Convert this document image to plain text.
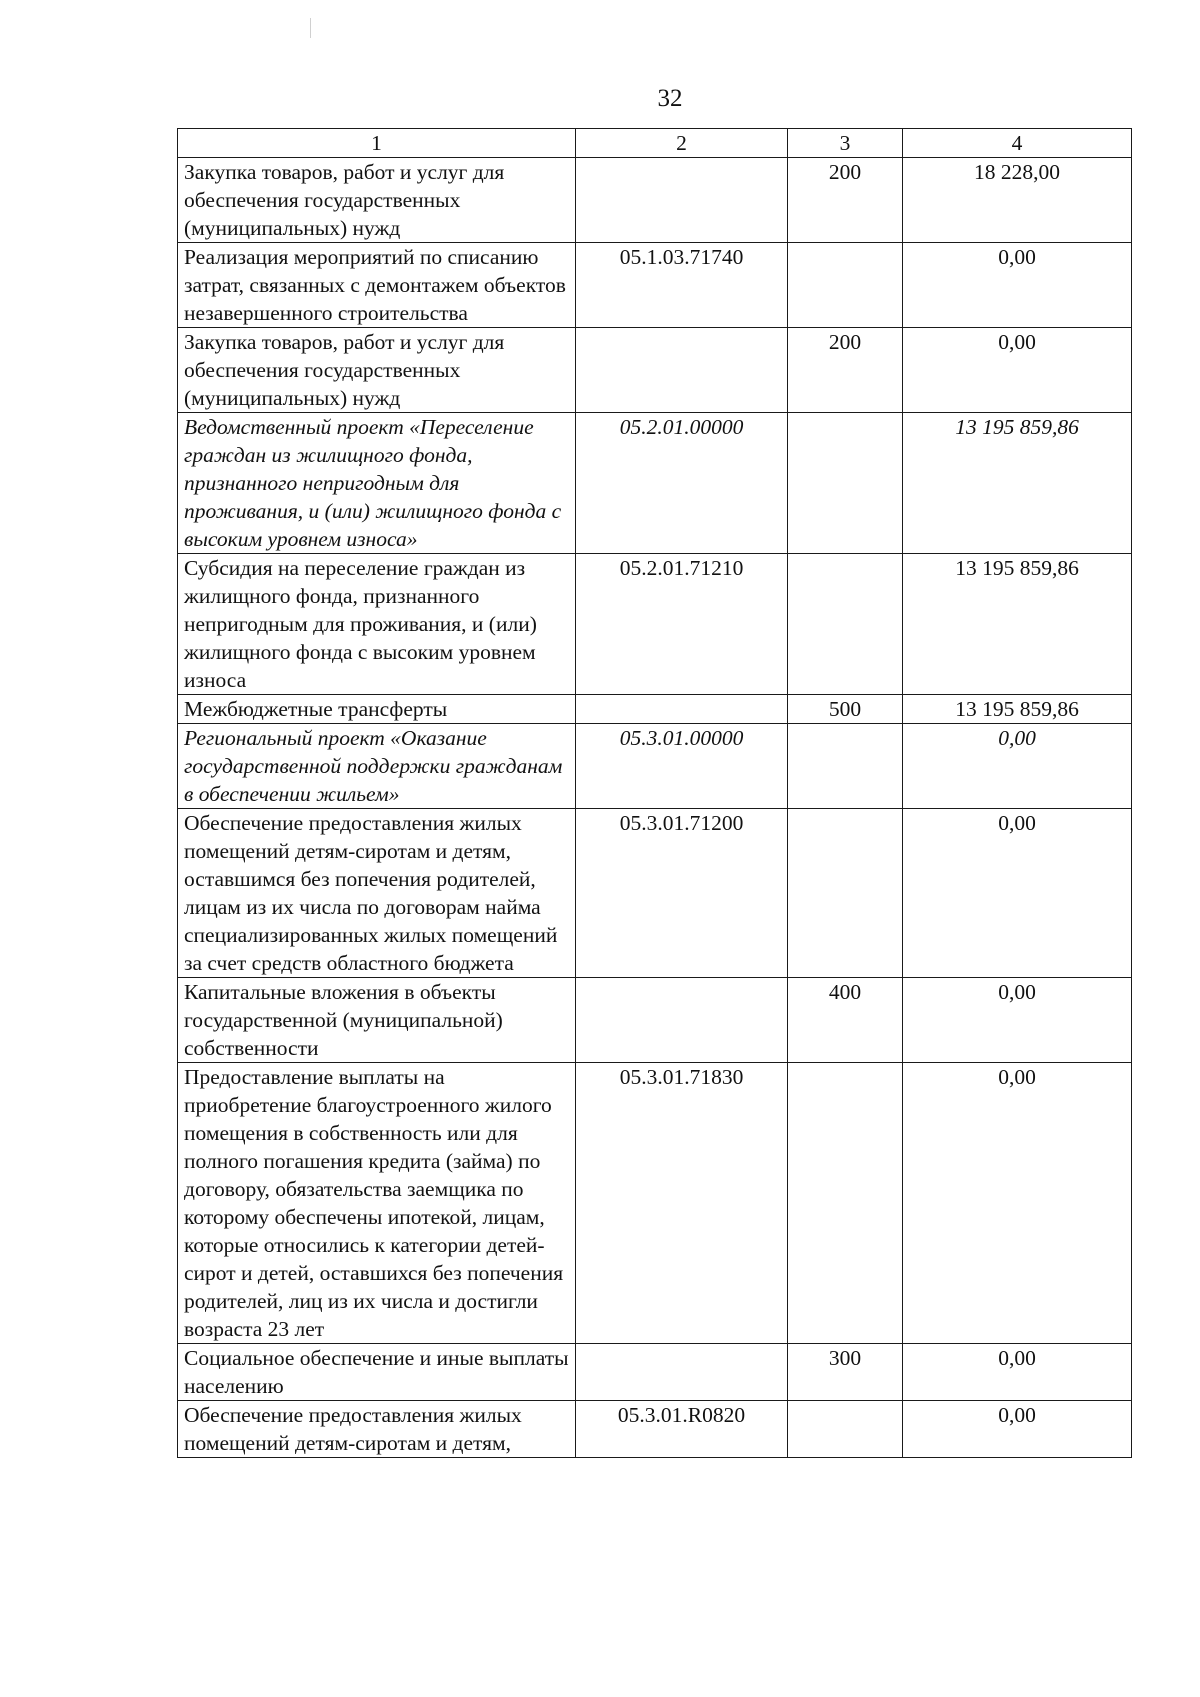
32
1	2	3	4
Закупка товаров, работ и услуг для обеспечения государственных (муниципальных) нужд		200	18 228,00
Реализация мероприятий по списанию затрат, связанных с демонтажем объектов незавершенного строительства	05.1.03.71740		0,00
Закупка товаров, работ и услуг для обеспечения государственных (муниципальных) нужд		200	0,00
Ведомственный проект «Переселение граждан из жилищного фонда, признанного непригодным для проживания, и (или) жилищного фонда с высоким уровнем износа»	05.2.01.00000		13 195 859,86
Субсидия на переселение граждан из жилищного фонда, признанного непригодным для проживания, и (или) жилищного фонда с высоким уровнем износа	05.2.01.71210		13 195 859,86
Межбюджетные трансферты		500	13 195 859,86
Региональный проект «Оказание государственной поддержки гражданам в обеспечении жильем»	05.3.01.00000		0,00
Обеспечение предоставления жилых помещений детям-сиротам и детям, оставшимся без попечения родителей, лицам из их числа по договорам найма специализированных жилых помещений за счет средств областного бюджета	05.3.01.71200		0,00
Капитальные вложения в объекты государственной (муниципальной) собственности		400	0,00
Предоставление выплаты на приобретение благоустроенного жилого помещения в собственность или для полного погашения кредита (займа) по договору, обязательства заемщика по которому обеспечены ипотекой, лицам, которые относились к категории детей-сирот и детей, оставшихся без попечения родителей, лиц из их числа и достигли возраста 23 лет	05.3.01.71830		0,00
Социальное обеспечение и иные выплаты населению		300	0,00
Обеспечение предоставления жилых помещений детям-сиротам и детям,	05.3.01.R0820		0,00
